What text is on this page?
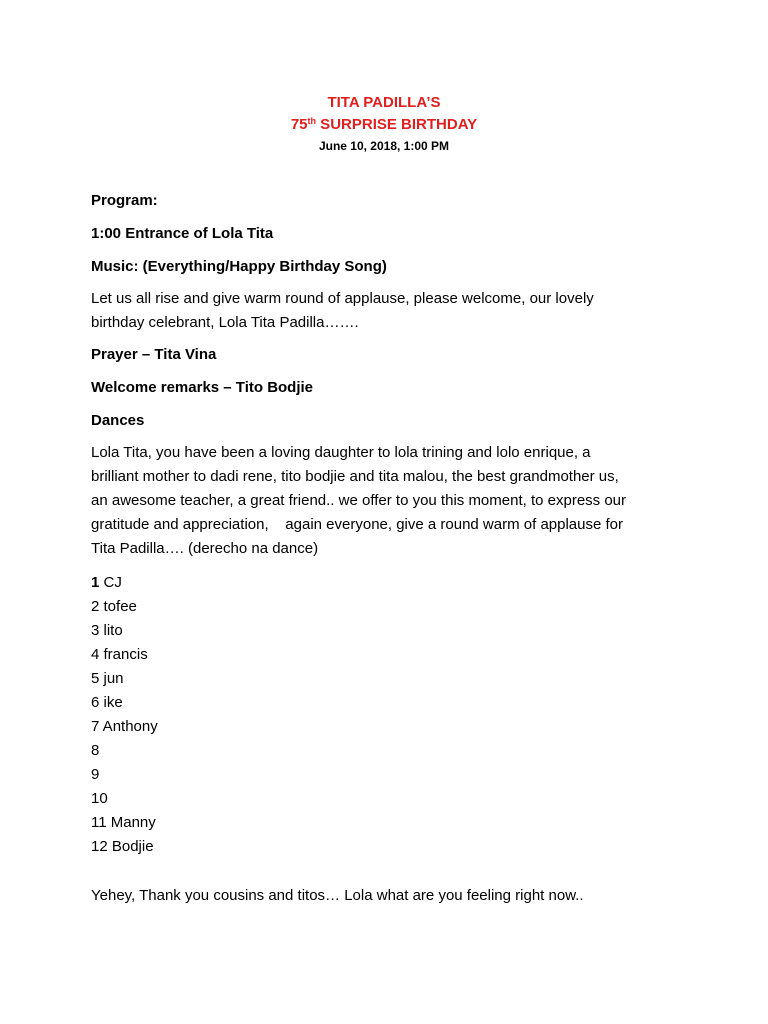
TITA PADILLA’S
75th SURPRISE BIRTHDAY
June 10, 2018, 1:00 PM
Program:
1:00 Entrance of Lola Tita
Music: (Everything/Happy Birthday Song)
Let us all rise and give warm round of applause, please welcome, our lovely
birthday celebrant, Lola Tita Padilla…….
Prayer – Tita Vina
Welcome remarks – Tito Bodjie
Dances
Lola Tita, you have been a loving daughter to lola trining and lolo enrique, a
brilliant mother to dadi rene, tito bodjie and tita malou, the best grandmother us,
an awesome teacher, a great friend.. we offer to you this moment, to express our
gratitude and appreciation,    again everyone, give a round warm of applause for
Tita Padilla…. (derecho na dance)
1 CJ
2 tofee
3 lito
4 francis
5 jun
6 ike
7 Anthony
8
9
10
11 Manny
12 Bodjie
Yehey, Thank you cousins and titos… Lola what are you feeling right now..
